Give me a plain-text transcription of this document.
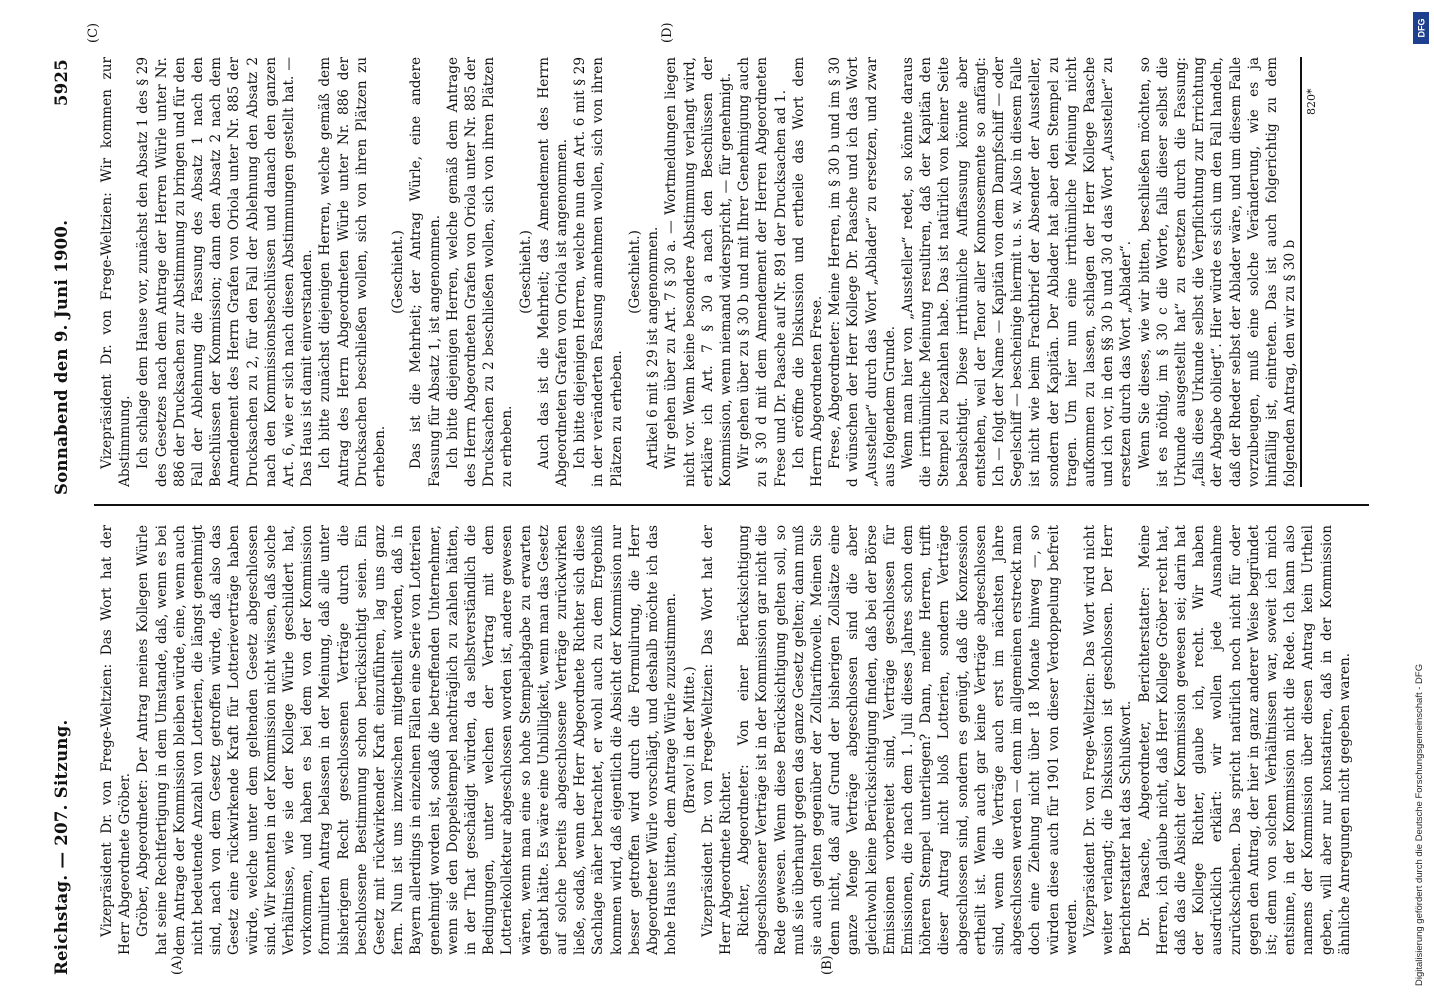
Reichstag. — 207. Sitzung.
Sonnabend den 9. Juni 1900.
5925
(A)	(B)

Vizepräsident Dr. von Frege-Weltzien: Das Wort hat der Herr Abgeordnete Gröber. Gröber, Abgeordneter: Der Antrag meines Kollegen Würle hat seine Rechtfertigung in dem Umstande, daß, wenn es bei dem Antrage der Kommission bleiben würde, eine, wenn auch nicht bedeutende Anzahl von Lotterien, die längst genehmigt sind, nach von dem Gesetz getroffen würde, daß also das Gesetz eine rückwirkende Kraft für Lotterieverträge haben würde, welche unter dem geltenden Gesetz abgeschlossen sind. Wir konnten in der Kommission nicht wissen, daß solche Verhältnisse, wie sie der Kollege Würle geschildert hat, vorkommen, und haben es bei dem von der Kommission formulirten Antrag belassen in der Meinung, daß alle unter bisherigem Recht geschlossenen Verträge durch die beschlossene Bestimmung schon berücksichtigt seien. Ein Gesetz mit rückwirkender Kraft einzuführen, lag uns ganz fern. Nun ist uns inzwischen mitgetheilt worden, daß in Bayern allerdings in einzelnen Fällen eine Serie von Lotterien genehmigt worden ist, sodaß die betreffenden Unternehmer, wenn sie den Doppelstempel nachträglich zu zahlen hätten, in der That geschädigt würden, da selbstverständlich die Bedingungen, unter welchen der Vertrag mit dem Lotteriekollekteur abgeschlossen worden ist, andere gewesen wären, wenn man eine so hohe Stempelabgabe zu erwarten gehabt hätte. Es wäre eine Unbilligkeit, wenn man das Gesetz auf solche bereits abgeschlossene Verträge zurückwirken ließe, sodaß, wenn der Herr Abgeordnete Richter sich diese Sachlage näher betrachtet, er wohl auch zu dem Ergebniß kommen wird, daß eigentlich die Absicht der Kommission nur besser getroffen wird durch die Formulirung, die Herr Abgeordneter Würle vorschlägt, und deshalb möchte ich das hohe Haus bitten, dem Antrage Würle zuzustimmen. (Bravo! in der Mitte.) Vizepräsident Dr. von Frege-Weltzien: Das Wort hat der Herr Abgeordnete Richter. Richter, Abgeordneter: Von einer Berücksichtigung abgeschlossener Verträge ist in der Kommission gar nicht die Rede gewesen. Wenn diese Berücksichtigung gelten soll, so muß sie überhaupt gegen das ganze Gesetz gelten; dann muß sie auch gelten gegenüber der Zolltarifnovelle. Meinen Sie denn nicht, daß auf Grund der bisherigen Zollsätze eine ganze Menge Verträge abgeschlossen sind die aber gleichwohl keine Berücksichtigung finden, daß bei der Börse Emissionen vorbereitet sind, Verträge geschlossen für Emissionen, die nach dem 1. Juli dieses Jahres schon dem höheren Stempel unterliegen? Dann, meine Herren, trifft dieser Antrag nicht bloß Lotterien, sondern Verträge abgeschlossen sind, sondern es genügt, daß die Konzession ertheilt ist. Wenn auch gar keine Verträge abgeschlossen sind, wenn die Verträge auch erst im nächsten Jahre abgeschlossen werden — denn im allgemeinen erstreckt man doch eine Ziehung nicht über 18 Monate hinweg —, so würden diese auch für 1901 von dieser Verdoppelung befreit werden. Vizepräsident Dr. von Frege-Weltzien: Das Wort wird nicht weiter verlangt; die Diskussion ist geschlossen. Der Herr Berichterstatter hat das Schlußwort. Dr. Paasche, Abgeordneter, Berichterstatter: Meine Herren, ich glaube nicht, daß Herr Kollege Gröber recht hat, daß das die Absicht der Kommission gewesen sei; darin hat der Kollege Richter, glaube ich, recht. Wir haben ausdrücklich erklärt: wir wollen jede Ausnahme zurückschieben. Das spricht natürlich noch nicht für oder gegen den Antrag, der hier in ganz anderer Weise begründet ist; denn von solchen Verhältnissen war, soweit ich mich entsinne, in der Kommission nicht die Rede. Ich kann also namens der Kommission über diesen Antrag kein Urtheil geben, will aber nur konstatiren, daß in der Kommission ähnliche Anregungen nicht gegeben waren.

Vizepräsident Dr. von Frege-Weltzien: Wir kommen zur Abstimmung. Ich schlage dem Hause vor, zunächst den Absatz 1 des § 29 des Gesetzes nach dem Antrage der Herren Würle unter Nr. 886 der Drucksachen zur Abstimmung zu bringen und für den Fall der Ablehnung die Fassung des Absatz 1 nach den Beschlüssen der Kommission; dann den Absatz 2 nach dem Amendement des Herrn Grafen von Oriola unter Nr. 885 der Drucksachen zu 2, für den Fall der Ablehnung den Absatz 2 nach den Kommissionsbeschlüssen und danach den ganzen Art. 6, wie er sich nach diesen Abstimmungen gestellt hat. — Das Haus ist damit einverstanden. Ich bitte zunächst diejenigen Herren, welche gemäß dem Antrag des Herrn Abgeordneten Würle unter Nr. 886 der Drucksachen beschließen wollen, sich von ihren Plätzen zu erheben.

(Geschieht.) Das ist die Mehrheit; der Antrag Würle, eine andere Fassung für Absatz 1, ist angenommen. Ich bitte diejenigen Herren, welche gemäß dem Antrage des Herrn Abgeordneten Grafen von Oriola unter Nr. 885 der Drucksachen zu 2 beschließen wollen, sich von ihren Plätzen zu erheben.

(Geschieht.) Auch das ist die Mehrheit; das Amendement des Herrn Abgeordneten Grafen von Oriola ist angenommen. Ich bitte diejenigen Herren, welche nun den Art. 6 mit § 29 in der veränderten Fassung annehmen wollen, sich von ihren Plätzen zu erheben.

(Geschieht.) Artikel 6 mit § 29 ist angenommen. Wir gehen über zu Art. 7 § 30 a. — Wortmeldungen liegen nicht vor. Wenn keine besondere Abstimmung verlangt wird, erkläre ich Art. 7 § 30 a nach den Beschlüssen der Kommission, wenn niemand widerspricht, — für genehmigt. Wir gehen über zu § 30 b und mit Ihrer Genehmigung auch zu § 30 d mit dem Amendement der Herren Abgeordneten Frese und Dr. Paasche auf Nr. 891 der Drucksachen ad 1. Ich eröffne die Diskussion und ertheile das Wort dem Herrn Abgeordneten Frese. Frese, Abgeordneter: Meine Herren, im § 30 b und im § 30 d wünschen der Herr Kollege Dr. Paasche und ich das Wort „Aussteller“ durch das Wort „Ablader“ zu ersetzen, und zwar aus folgendem Grunde. Wenn man hier von „Aussteller“ redet, so könnte daraus die irrthümliche Meinung resultiren, daß der Kapitän den Stempel zu bezahlen habe. Das ist natürlich von keiner Seite beabsichtigt. Diese irrthümliche Auffassung könnte aber entstehen, weil der Tenor aller Konnossemente so anfängt: Ich — folgt der Name — Kapitän von dem Dampfschiff — oder Segelschiff — bescheinige hiermit u. s. w. Also in diesem Falle ist nicht wie beim Frachtbrief der Absender der Aussteller, sondern der Kapitän. Der Ablader hat aber den Stempel zu tragen. Um hier nun eine irrthümliche Meinung nicht aufkommen zu lassen, schlagen der Herr Kollege Paasche und ich vor, in den §§ 30 b und 30 d das Wort „Aussteller“ zu ersetzen durch das Wort „Ablader“. Wenn Sie dieses, wie wir bitten, beschließen möchten, so ist es nöthig, im § 30 c die Worte, falls dieser selbst die Urkunde ausgestellt hat“ zu ersetzen durch die Fassung: „falls diese Urkunde selbst die Verpflichtung zur Errichtung der Abgabe obliegt“. Hier würde es sich um den Fall handeln, daß der Rheder selbst der Ablader wäre, und um diesem Falle vorzubeugen, muß eine solche Veränderung, wie es ja hinfällig ist, eintreten. Das ist auch folgerichtig zu dem folgenden Antrag, den wir zu § 30 b

820*
(C)	(D)
Digitalisierung gefördert durch die Deutsche Forschungsgemeinschaft - DFG
DFG
